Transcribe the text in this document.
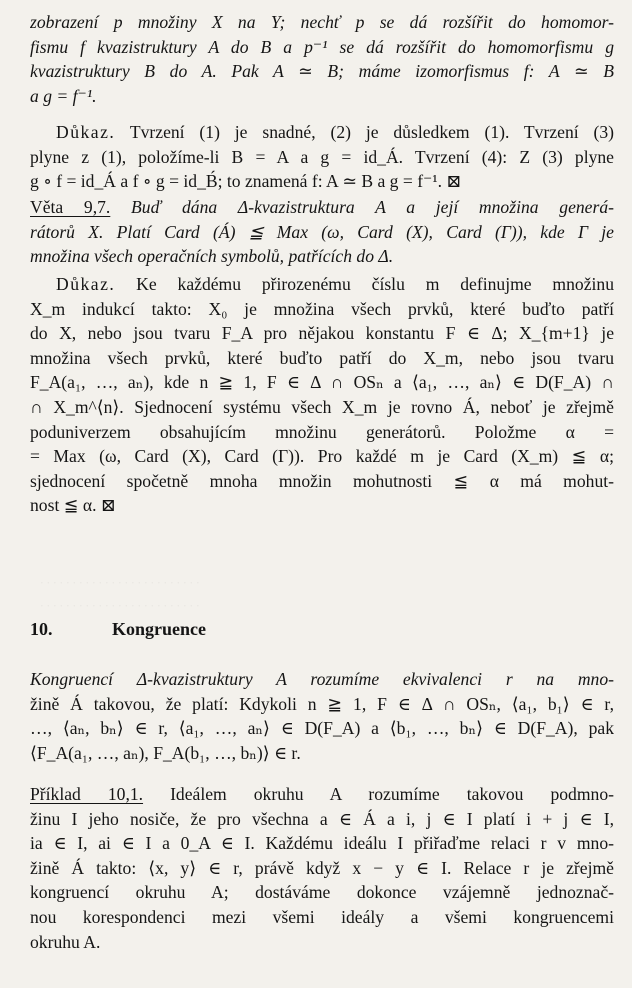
zobrazení p množiny X na Y; nechť p se dá rozšířit do homomor-
fismu f kvazistruktury A do B a p⁻¹ se dá rozšířit do homomorfismu g
kvazistruktury B do A. Pak A ≃ B; máme izomorfismus f: A ≃ B
a g = f⁻¹.
Důkaz. Tvrzení (1) je snadné, (2) je důsledkem (1). Tvrzení (3)
plyne z (1), položíme-li B = A a g = id_Á. Tvrzení (4): Z (3) plyne
g ∘ f = id_Á a f ∘ g = id_B́; to znamená f: A ≃ B a g = f⁻¹. ⊠
Věta 9,7. Buď dána Δ-kvazistruktura A a její množina generá-
rátorů X. Platí Card (Á) ≦ Max (ω, Card (X), Card (Γ)), kde Γ je
množina všech operačních symbolů, patřících do Δ.
Důkaz. Ke každému přirozenému číslu m definujme množinu
X_m indukcí takto: X₀ je množina všech prvků, které buďto patří
do X, nebo jsou tvaru F_A pro nějakou konstantu F ∈ Δ; X_{m+1} je
množina všech prvků, které buďto patří do X_m, nebo jsou tvaru
F_A(a₁, …, aₙ), kde n ≧ 1, F ∈ Δ ∩ OSₙ a ⟨a₁, …, aₙ⟩ ∈ D(F_A) ∩
∩ X_m^⟨n⟩. Sjednocení systému všech X_m je rovno Á, neboť je zřejmě
poduniverzem obsahujícím množinu generátorů. Položme α =
= Max (ω, Card (X), Card (Γ)). Pro každé m je Card (X_m) ≦ α;
sjednocení spočetně mnoha množin mohutnosti ≦ α má mohut-
nost ≦ α. ⊠
10.	Kongruence
Kongruencí Δ-kvazistruktury A rozumíme ekvivalenci r na mno-
žině Á takovou, že platí: Kdykoli n ≧ 1, F ∈ Δ ∩ OSₙ, ⟨a₁, b₁⟩ ∈ r,
…, ⟨aₙ, bₙ⟩ ∈ r, ⟨a₁, …, aₙ⟩ ∈ D(F_A) a ⟨b₁, …, bₙ⟩ ∈ D(F_A), pak
⟨F_A(a₁, …, aₙ), F_A(b₁, …, bₙ)⟩ ∈ r.
Příklad 10,1. Ideálem okruhu A rozumíme takovou podmno-
žinu I jeho nosiče, že pro všechna a ∈ Á a i, j ∈ I platí i + j ∈ I,
ia ∈ I, ai ∈ I a 0_A ∈ I. Každému ideálu I přiřaďme relaci r v mno-
žině Á takto: ⟨x, y⟩ ∈ r, právě když x − y ∈ I. Relace r je zřejmě
kongruencí okruhu A; dostáváme dokonce vzájemně jednoznač-
nou korespondenci mezi všemi ideály a všemi kongruencemi
okruhu A.
